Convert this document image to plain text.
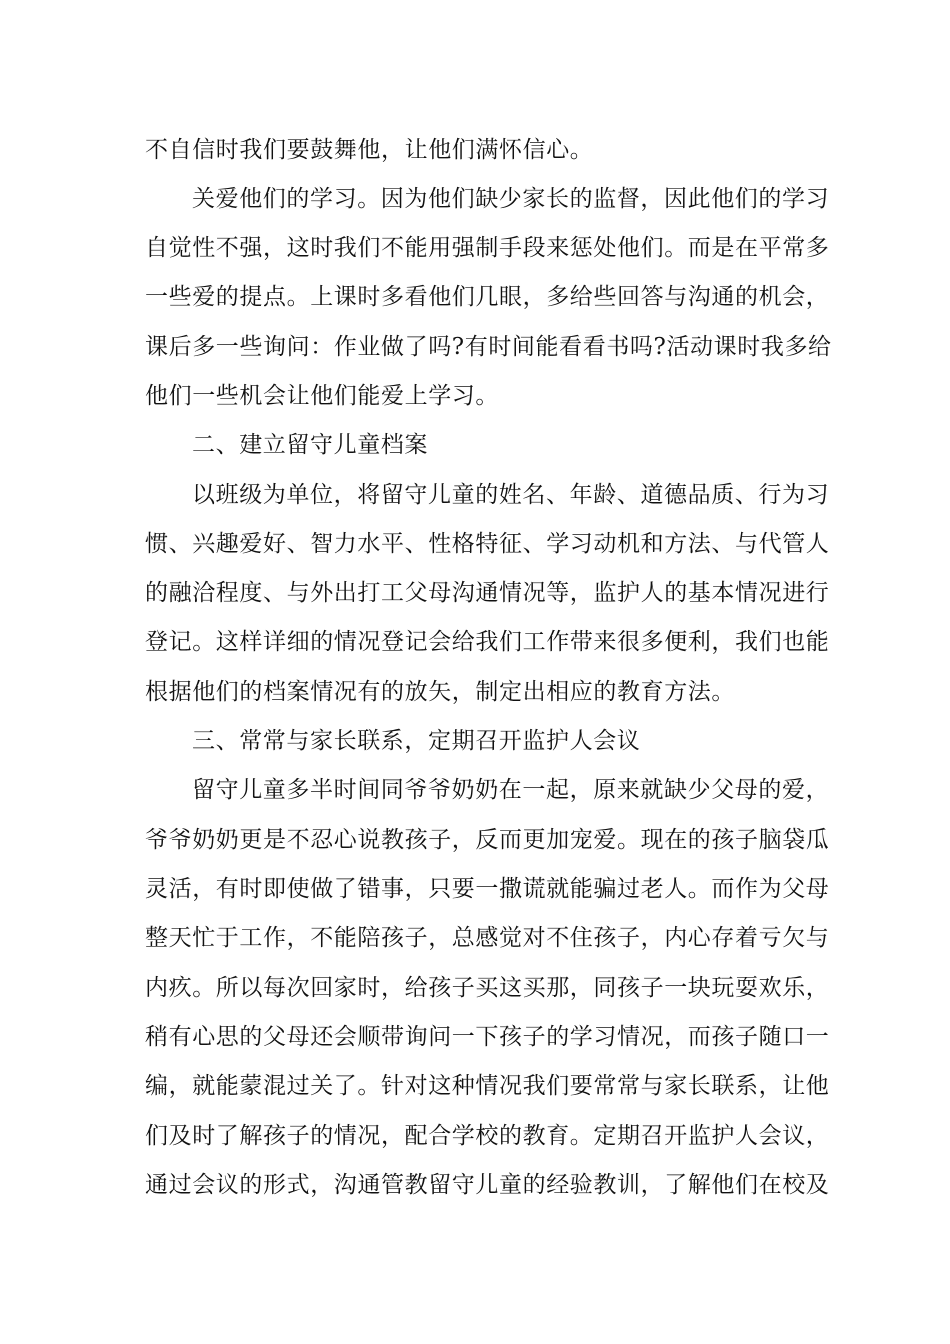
不自信时我们要鼓舞他，让他们满怀信心。
关爱他们的学习。因为他们缺少家长的监督，因此他们的学习
自觉性不强，这时我们不能用强制手段来惩处他们。而是在平常多
一些爱的提点。上课时多看他们几眼，多给些回答与沟通的机会，
课后多一些询问：作业做了吗?有时间能看看书吗?活动课时我多给
他们一些机会让他们能爱上学习。
二、建立留守儿童档案
以班级为单位，将留守儿童的姓名、年龄、道德品质、行为习
惯、兴趣爱好、智力水平、性格特征、学习动机和方法、与代管人
的融洽程度、与外出打工父母沟通情况等，监护人的基本情况进行
登记。这样详细的情况登记会给我们工作带来很多便利，我们也能
根据他们的档案情况有的放矢，制定出相应的教育方法。
三、常常与家长联系，定期召开监护人会议
留守儿童多半时间同爷爷奶奶在一起，原来就缺少父母的爱，
爷爷奶奶更是不忍心说教孩子，反而更加宠爱。现在的孩子脑袋瓜
灵活，有时即使做了错事，只要一撒谎就能骗过老人。而作为父母
整天忙于工作，不能陪孩子，总感觉对不住孩子，内心存着亏欠与
内疚。所以每次回家时，给孩子买这买那，同孩子一块玩耍欢乐，
稍有心思的父母还会顺带询问一下孩子的学习情况，而孩子随口一
编，就能蒙混过关了。针对这种情况我们要常常与家长联系，让他
们及时了解孩子的情况，配合学校的教育。定期召开监护人会议，
通过会议的形式，沟通管教留守儿童的经验教训，了解他们在校及
